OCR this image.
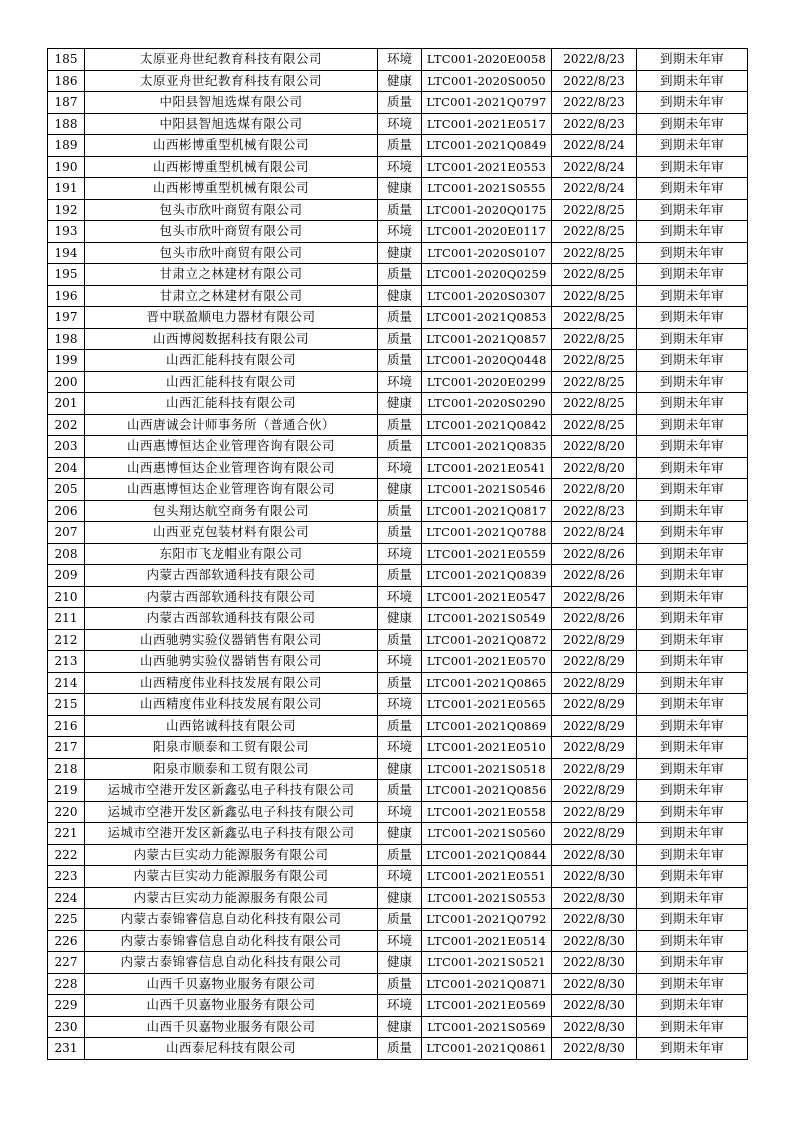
185	太原亚舟世纪教育科技有限公司	环境	LTC001-2020E0058	2022/8/23	到期未年审
186	太原亚舟世纪教育科技有限公司	健康	LTC001-2020S0050	2022/8/23	到期未年审
187	中阳县智旭选煤有限公司	质量	LTC001-2021Q0797	2022/8/23	到期未年审
188	中阳县智旭选煤有限公司	环境	LTC001-2021E0517	2022/8/23	到期未年审
189	山西彬博重型机械有限公司	质量	LTC001-2021Q0849	2022/8/24	到期未年审
190	山西彬博重型机械有限公司	环境	LTC001-2021E0553	2022/8/24	到期未年审
191	山西彬博重型机械有限公司	健康	LTC001-2021S0555	2022/8/24	到期未年审
192	包头市欣叶商贸有限公司	质量	LTC001-2020Q0175	2022/8/25	到期未年审
193	包头市欣叶商贸有限公司	环境	LTC001-2020E0117	2022/8/25	到期未年审
194	包头市欣叶商贸有限公司	健康	LTC001-2020S0107	2022/8/25	到期未年审
195	甘肃立之林建材有限公司	质量	LTC001-2020Q0259	2022/8/25	到期未年审
196	甘肃立之林建材有限公司	健康	LTC001-2020S0307	2022/8/25	到期未年审
197	晋中联盈顺电力器材有限公司	质量	LTC001-2021Q0853	2022/8/25	到期未年审
198	山西博阅数据科技有限公司	质量	LTC001-2021Q0857	2022/8/25	到期未年审
199	山西汇能科技有限公司	质量	LTC001-2020Q0448	2022/8/25	到期未年审
200	山西汇能科技有限公司	环境	LTC001-2020E0299	2022/8/25	到期未年审
201	山西汇能科技有限公司	健康	LTC001-2020S0290	2022/8/25	到期未年审
202	山西唐诚会计师事务所（普通合伙）	质量	LTC001-2021Q0842	2022/8/25	到期未年审
203	山西惠博恒达企业管理咨询有限公司	质量	LTC001-2021Q0835	2022/8/20	到期未年审
204	山西惠博恒达企业管理咨询有限公司	环境	LTC001-2021E0541	2022/8/20	到期未年审
205	山西惠博恒达企业管理咨询有限公司	健康	LTC001-2021S0546	2022/8/20	到期未年审
206	包头翔达航空商务有限公司	质量	LTC001-2021Q0817	2022/8/23	到期未年审
207	山西亚克包装材料有限公司	质量	LTC001-2021Q0788	2022/8/24	到期未年审
208	东阳市飞龙帽业有限公司	环境	LTC001-2021E0559	2022/8/26	到期未年审
209	内蒙古西部软通科技有限公司	质量	LTC001-2021Q0839	2022/8/26	到期未年审
210	内蒙古西部软通科技有限公司	环境	LTC001-2021E0547	2022/8/26	到期未年审
211	内蒙古西部软通科技有限公司	健康	LTC001-2021S0549	2022/8/26	到期未年审
212	山西驰骋实验仪器销售有限公司	质量	LTC001-2021Q0872	2022/8/29	到期未年审
213	山西驰骋实验仪器销售有限公司	环境	LTC001-2021E0570	2022/8/29	到期未年审
214	山西精度伟业科技发展有限公司	质量	LTC001-2021Q0865	2022/8/29	到期未年审
215	山西精度伟业科技发展有限公司	环境	LTC001-2021E0565	2022/8/29	到期未年审
216	山西铭诚科技有限公司	质量	LTC001-2021Q0869	2022/8/29	到期未年审
217	阳泉市顺泰和工贸有限公司	环境	LTC001-2021E0510	2022/8/29	到期未年审
218	阳泉市顺泰和工贸有限公司	健康	LTC001-2021S0518	2022/8/29	到期未年审
219	运城市空港开发区新鑫弘电子科技有限公司	质量	LTC001-2021Q0856	2022/8/29	到期未年审
220	运城市空港开发区新鑫弘电子科技有限公司	环境	LTC001-2021E0558	2022/8/29	到期未年审
221	运城市空港开发区新鑫弘电子科技有限公司	健康	LTC001-2021S0560	2022/8/29	到期未年审
222	内蒙古巨实动力能源服务有限公司	质量	LTC001-2021Q0844	2022/8/30	到期未年审
223	内蒙古巨实动力能源服务有限公司	环境	LTC001-2021E0551	2022/8/30	到期未年审
224	内蒙古巨实动力能源服务有限公司	健康	LTC001-2021S0553	2022/8/30	到期未年审
225	内蒙古泰锦睿信息自动化科技有限公司	质量	LTC001-2021Q0792	2022/8/30	到期未年审
226	内蒙古泰锦睿信息自动化科技有限公司	环境	LTC001-2021E0514	2022/8/30	到期未年审
227	内蒙古泰锦睿信息自动化科技有限公司	健康	LTC001-2021S0521	2022/8/30	到期未年审
228	山西千贝嘉物业服务有限公司	质量	LTC001-2021Q0871	2022/8/30	到期未年审
229	山西千贝嘉物业服务有限公司	环境	LTC001-2021E0569	2022/8/30	到期未年审
230	山西千贝嘉物业服务有限公司	健康	LTC001-2021S0569	2022/8/30	到期未年审
231	山西泰尼科技有限公司	质量	LTC001-2021Q0861	2022/8/30	到期未年审
